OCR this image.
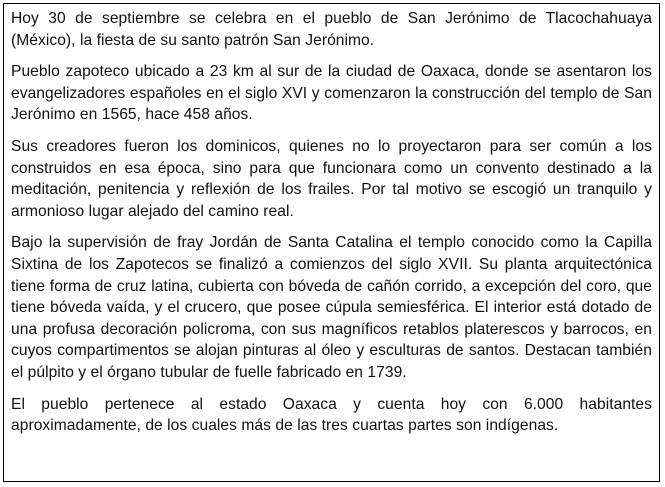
Hoy 30 de septiembre se celebra en el pueblo de San Jerónimo de Tlacochahuaya (México), la fiesta de su santo patrón San Jerónimo.

Pueblo zapoteco ubicado a 23 km al sur de la ciudad de Oaxaca, donde se asentaron los evangelizadores españoles en el siglo XVI y comenzaron la construcción del templo de San Jerónimo en 1565, hace 458 años.

Sus creadores fueron los dominicos, quienes no lo proyectaron para ser común a los construidos en esa época, sino para que funcionara como un convento destinado a la meditación, penitencia y reflexión de los frailes. Por tal motivo se escogió un tranquilo y armonioso lugar alejado del camino real.

Bajo la supervisión de fray Jordán de Santa Catalina el templo conocido como la Capilla Sixtina de los Zapotecos se finalizó a comienzos del siglo XVII. Su planta arquitectónica tiene forma de cruz latina, cubierta con bóveda de cañón corrido, a excepción del coro, que tiene bóveda vaída, y el crucero, que posee cúpula semiesférica. El interior está dotado de una profusa decoración policroma, con sus magníficos retablos platerescos y barrocos, en cuyos compartimentos se alojan pinturas al óleo y esculturas de santos. Destacan también el púlpito y el órgano tubular de fuelle fabricado en 1739.

El pueblo pertenece al estado Oaxaca y cuenta hoy con 6.000 habitantes aproximadamente, de los cuales más de las tres cuartas partes son indígenas.
